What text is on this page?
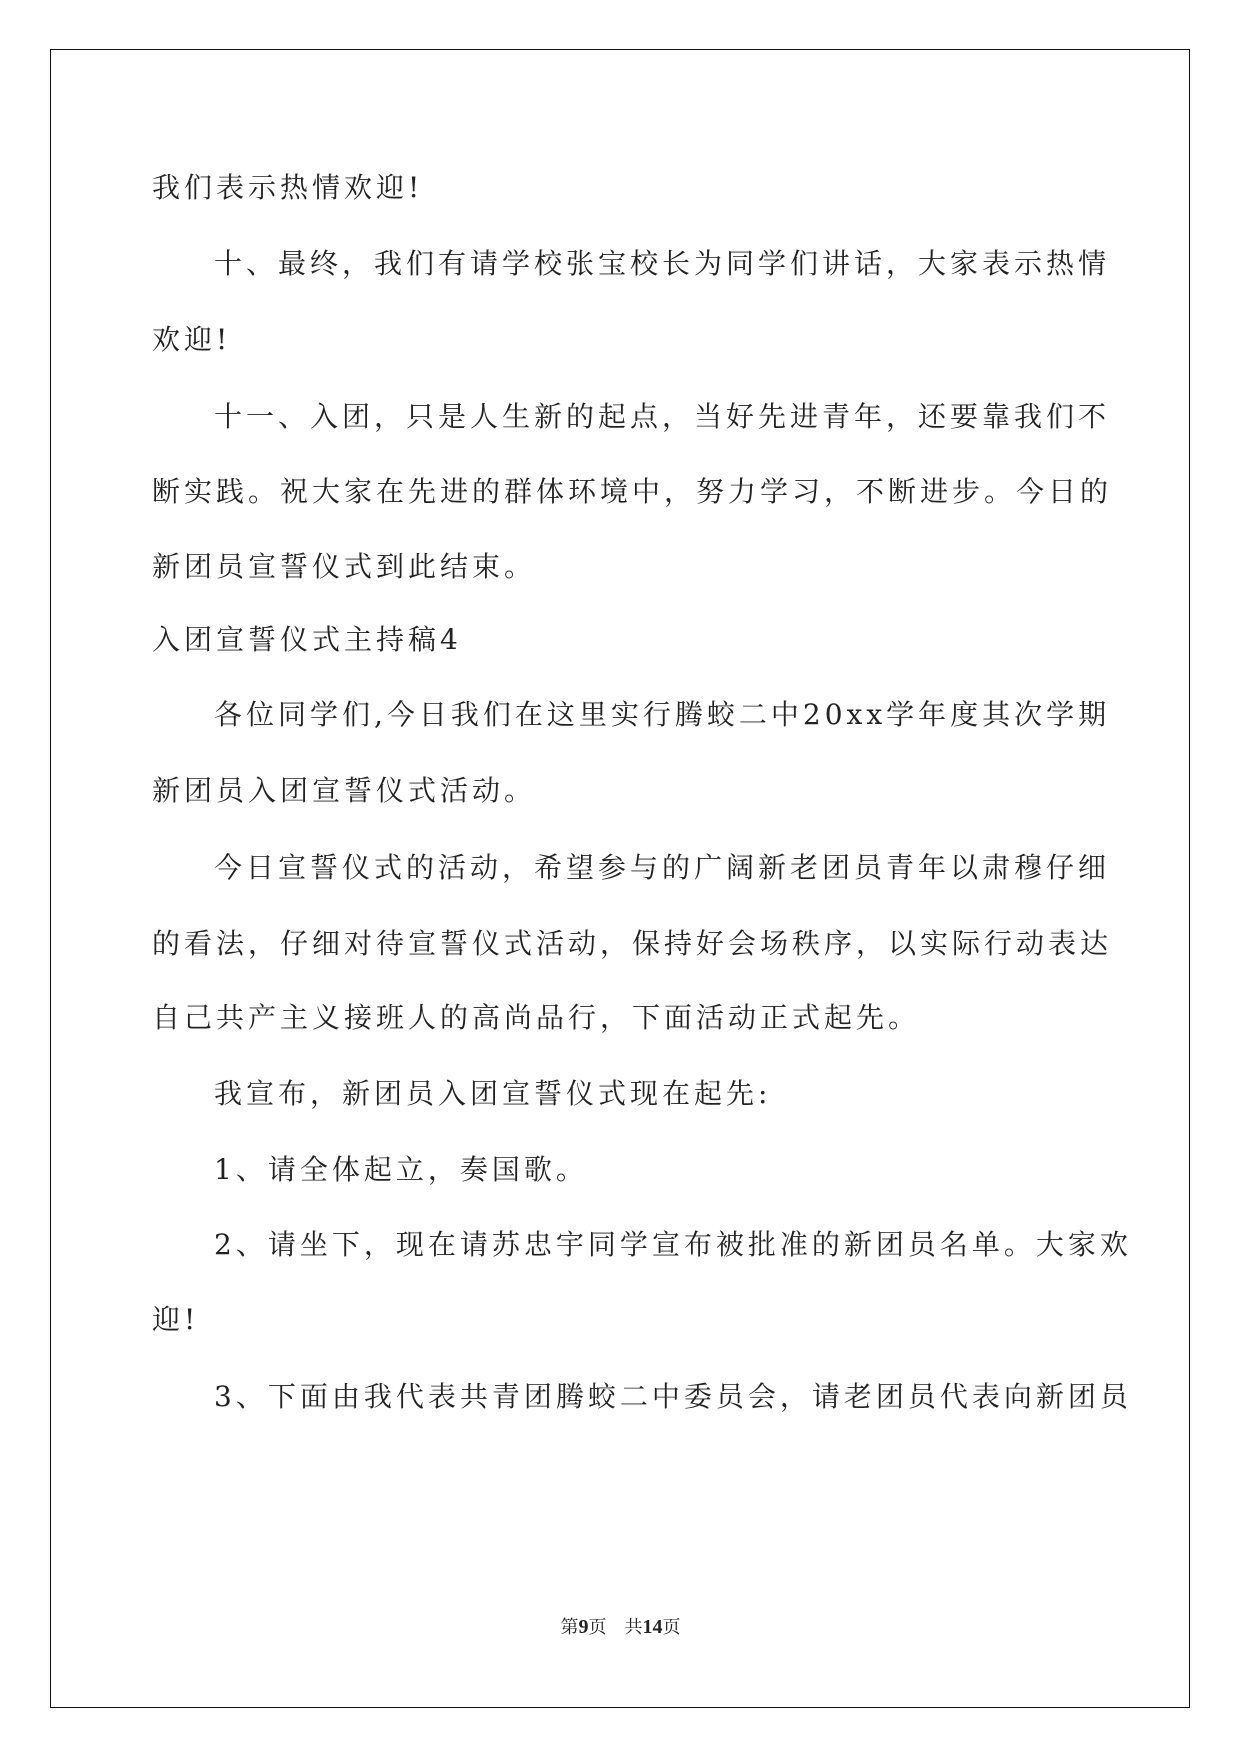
我们表示热情欢迎!
十、最终，我们有请学校张宝校长为同学们讲话，大家表示热情
欢迎!
十一、入团，只是人生新的起点，当好先进青年，还要靠我们不
断实践。祝大家在先进的群体环境中，努力学习，不断进步。今日的
新团员宣誓仪式到此结束。
入团宣誓仪式主持稿4
各位同学们,今日我们在这里实行腾蛟二中20xx学年度其次学期
新团员入团宣誓仪式活动。
今日宣誓仪式的活动，希望参与的广阔新老团员青年以肃穆仔细
的看法，仔细对待宣誓仪式活动，保持好会场秩序，以实际行动表达
自己共产主义接班人的高尚品行，下面活动正式起先。
我宣布，新团员入团宣誓仪式现在起先:
1、请全体起立，奏国歌。
2、请坐下，现在请苏忠宇同学宣布被批准的新团员名单。大家欢
迎!
3、下面由我代表共青团腾蛟二中委员会，请老团员代表向新团员
第9页　共14页
